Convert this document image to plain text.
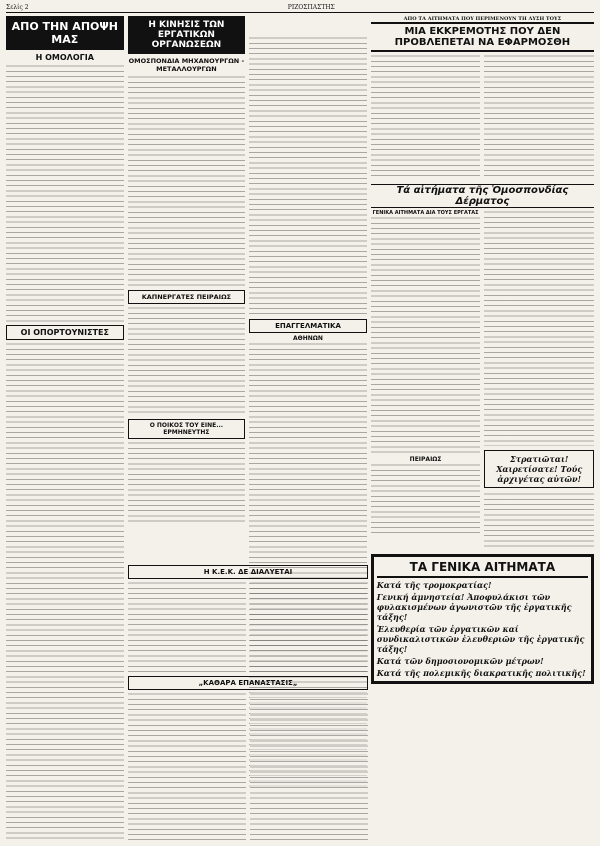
Σελίς 2	ΡΙΖΟΣΠΑΣΤΗΣ
ΑΠΟ ΤΗΝ ΑΠΟΨΗ ΜΑΣ
Η ΟΜΟΛΟΓΙΑ
ΟΙ ΟΠΟΡΤΟΥΝΙΣΤΕΣ
Η ΚΙΝΗΣΙΣ ΤΩΝ ΕΡΓΑΤΙΚΩΝ ΟΡΓΑΝΩΣΕΩΝ
ΟΜΟΣΠΟΝΔΙΑ ΜΗΧΑΝΟΥΡΓΩΝ - ΜΕΤΑΛΛΟΥΡΓΩΝ
ΚΑΠΝΕΡΓΑΤΕΣ ΠΕΙΡΑΙΩΣ
Ο ΠΟΙΚΟΣ ΤΟΥ ΕΙΝΕ... ΕΡΜΗΝΕΥΤΗΣ
ΕΠΑΓΓΕΛΜΑΤΙΚΑ
ΑΘΗΝΩΝ
ΑΠΟ ΤΑ ΑΙΤΗΜΑΤΑ ΠΟΥ ΠΕΡΙΜΕΝΟΥΝ ΤΗ ΛΥΣΗ ΤΟΥΣ
ΜΙΑ ΕΚΚΡΕΜΟΤΗΣ ΠΟΥ ΔΕΝ ΠΡΟΒΛΕΠΕΤΑΙ ΝΑ ΕΦΑΡΜΟΣΘΗ
Τά αἰτήματα τῆς Ὁμοσπονδίας Δέρματος
ΓΕΝΙΚΑ ΑΙΤΗΜΑΤΑ ΔΙΑ ΤΟΥΣ ΕΡΓΑΤΑΣ
ΠΕΙΡΑΙΩΣ	Στρατιῶται! Χαιρετίσατε! Τούς ἀρχιγέτας αὐτῶν!
ΤΑ ΓΕΝΙΚΑ ΑΙΤΗΜΑΤΑ
Κατά τῆς τρομοκρατίας!
Γενική ἀμνηστεία! Ἀποφυλάκισι τῶν φυλακισμένων ἀγωνιστῶν τῆς ἐργατικῆς τάξης!
Ἐλευθερία τῶν ἐργατικῶν καί συνδικαλιστικῶν ἐλευθεριῶν τῆς ἐργατικῆς τάξης!
Κατά τῶν δημοσιονομικῶν μέτρων!
Κατά τῆς πολεμικῆς διακρατικῆς πολιτικῆς!
Η Κ.Ε.Κ. ΔΕ ΔΙΑΛΥΕΤΑΙ
„ΚΑΘΑΡΑ ΕΠΑΝΑΣΤΑΣΙΣ„
